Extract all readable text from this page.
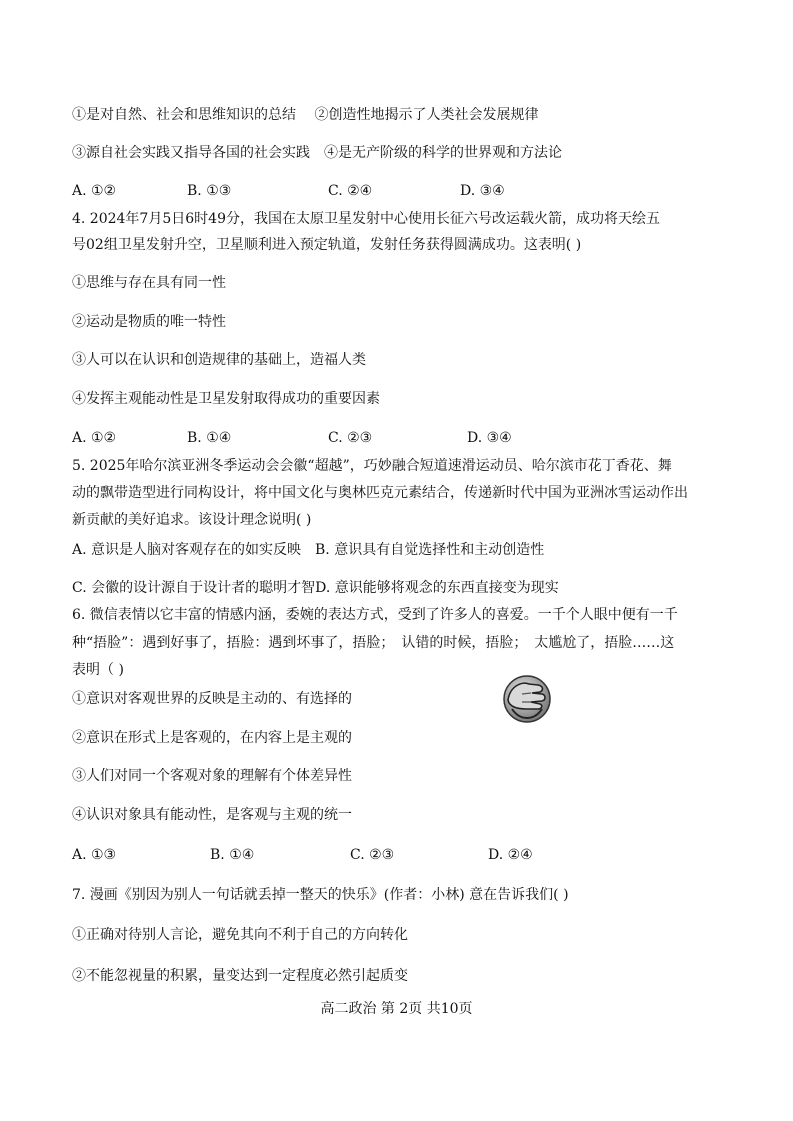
①是对自然、社会和思维知识的总结　 ②创造性地揭示了人类社会发展规律
③源自社会实践又指导各国的社会实践　④是无产阶级的科学的世界观和方法论
A. ①②	B. ①③	C. ②④	D. ③④
4. 2024年7月5日6时49分，我国在太原卫星发射中心使用长征六号改运载火箭，成功将天绘五
号02组卫星发射升空，卫星顺利进入预定轨道，发射任务获得圆满成功。这表明( )
①思维与存在具有同一性
②运动是物质的唯一特性
③人可以在认识和创造规律的基础上，造福人类
④发挥主观能动性是卫星发射取得成功的重要因素
A. ①②	B. ①④	C. ②③	D. ③④
5. 2025年哈尔滨亚洲冬季运动会会徽“超越”，巧妙融合短道速滑运动员、哈尔滨市花丁香花、舞
动的飘带造型进行同构设计，将中国文化与奥林匹克元素结合，传递新时代中国为亚洲冰雪运动作出
新贡献的美好追求。该设计理念说明( )
A. 意识是人脑对客观存在的如实反映　B. 意识具有自觉选择性和主动创造性
C. 会徽的设计源自于设计者的聪明才智D. 意识能够将观念的东西直接变为现实
6. 微信表情以它丰富的情感内涵，委婉的表达方式，受到了许多人的喜爱。一千个人眼中便有一千
种“捂脸”：遇到好事了，捂脸：遇到坏事了，捂脸；　认错的时候，捂脸；　太尴尬了，捂脸……这
表明（ )
①意识对客观世界的反映是主动的、有选择的
②意识在形式上是客观的，在内容上是主观的
③人们对同一个客观对象的理解有个体差异性
④认识对象具有能动性，是客观与主观的统一
A. ①③	B. ①④	C. ②③	D. ②④
7. 漫画《别因为别人一句话就丢掉一整天的快乐》(作者：小林) 意在告诉我们( )
①正确对待别人言论，避免其向不利于自己的方向转化
②不能忽视量的积累，量变达到一定程度必然引起质变
高二政治 第 2页 共10页
